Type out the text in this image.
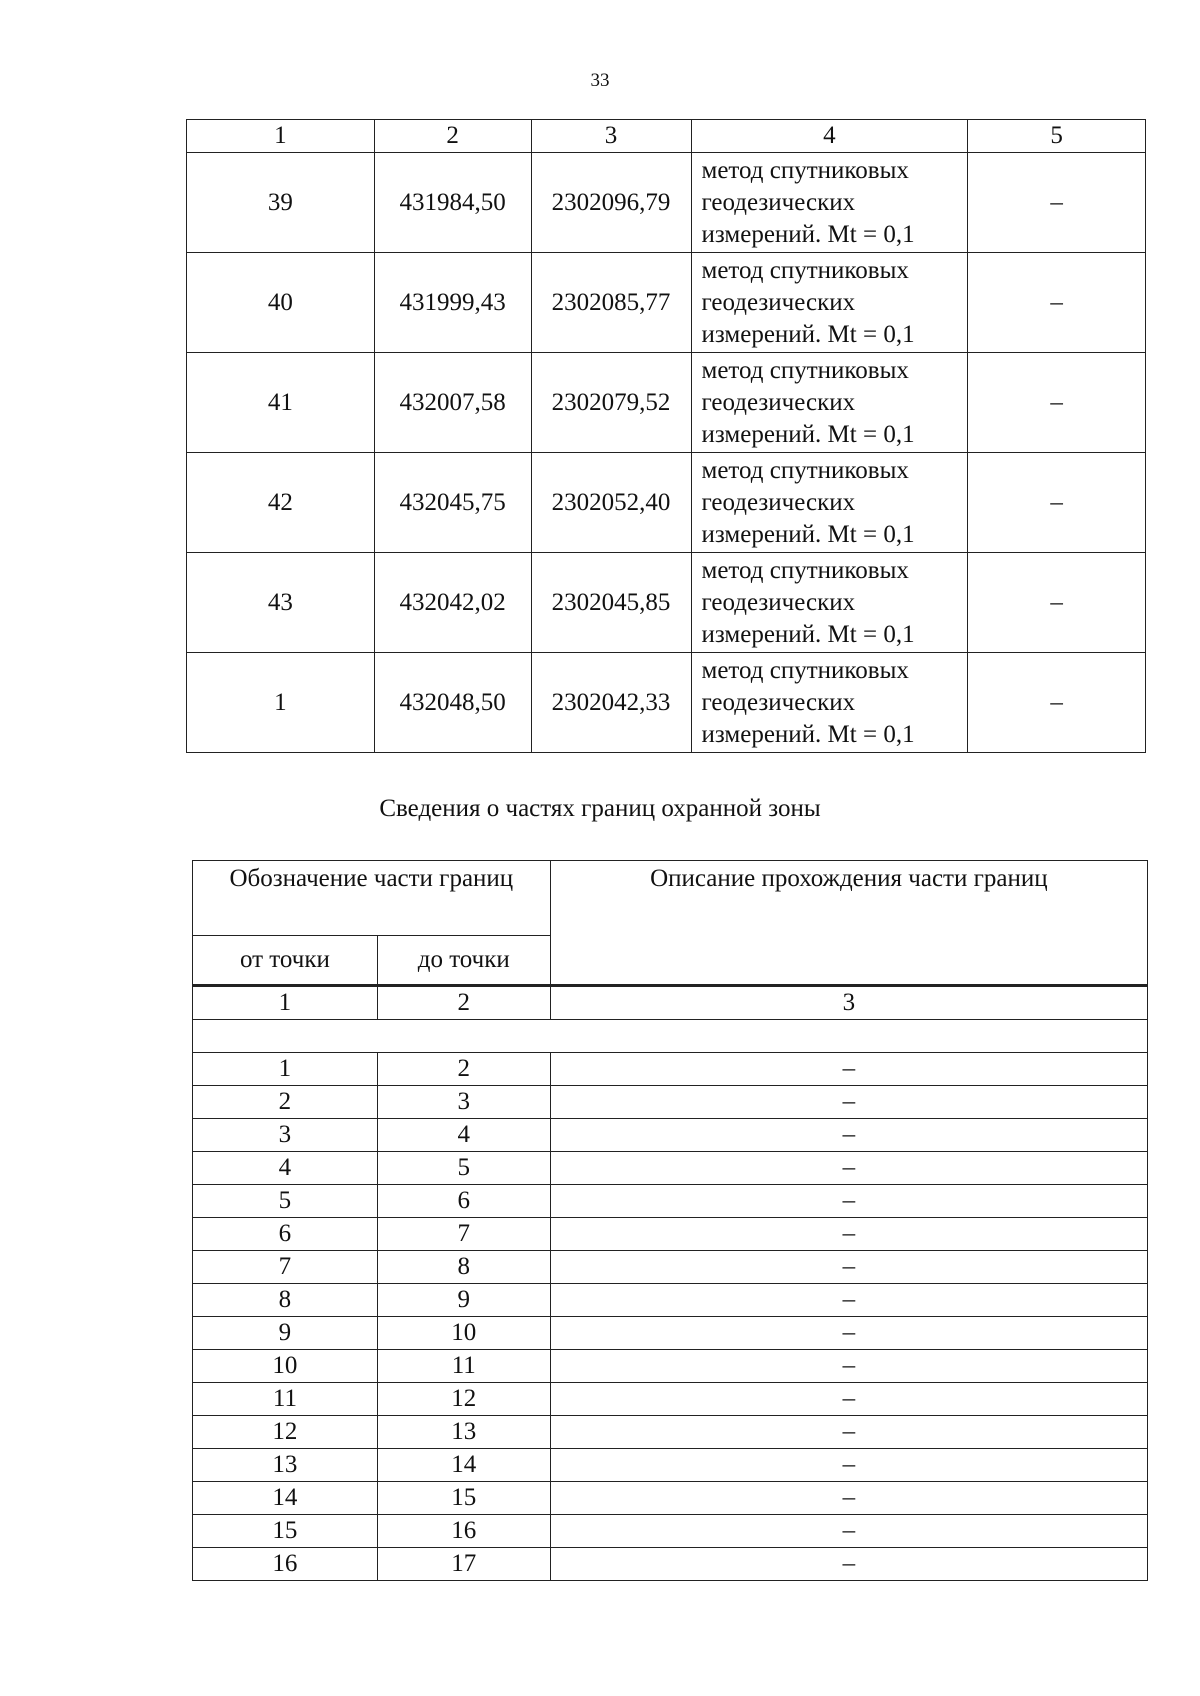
33
1	2	3	4	5
39	431984,50	2302096,79	метод спутниковых
геодезических
измерений. Mt = 0,1	–
40	431999,43	2302085,77	метод спутниковых
геодезических
измерений. Mt = 0,1	–
41	432007,58	2302079,52	метод спутниковых
геодезических
измерений. Mt = 0,1	–
42	432045,75	2302052,40	метод спутниковых
геодезических
измерений. Mt = 0,1	–
43	432042,02	2302045,85	метод спутниковых
геодезических
измерений. Mt = 0,1	–
1	432048,50	2302042,33	метод спутниковых
геодезических
измерений. Mt = 0,1	–
Сведения о частях границ охранной зоны
Обозначение части границ		Описание прохождения части границ
от точки	до точки	
1	2	3

1	2	–
2	3	–
3	4	–
4	5	–
5	6	–
6	7	–
7	8	–
8	9	–
9	10	–
10	11	–
11	12	–
12	13	–
13	14	–
14	15	–
15	16	–
16	17	–
